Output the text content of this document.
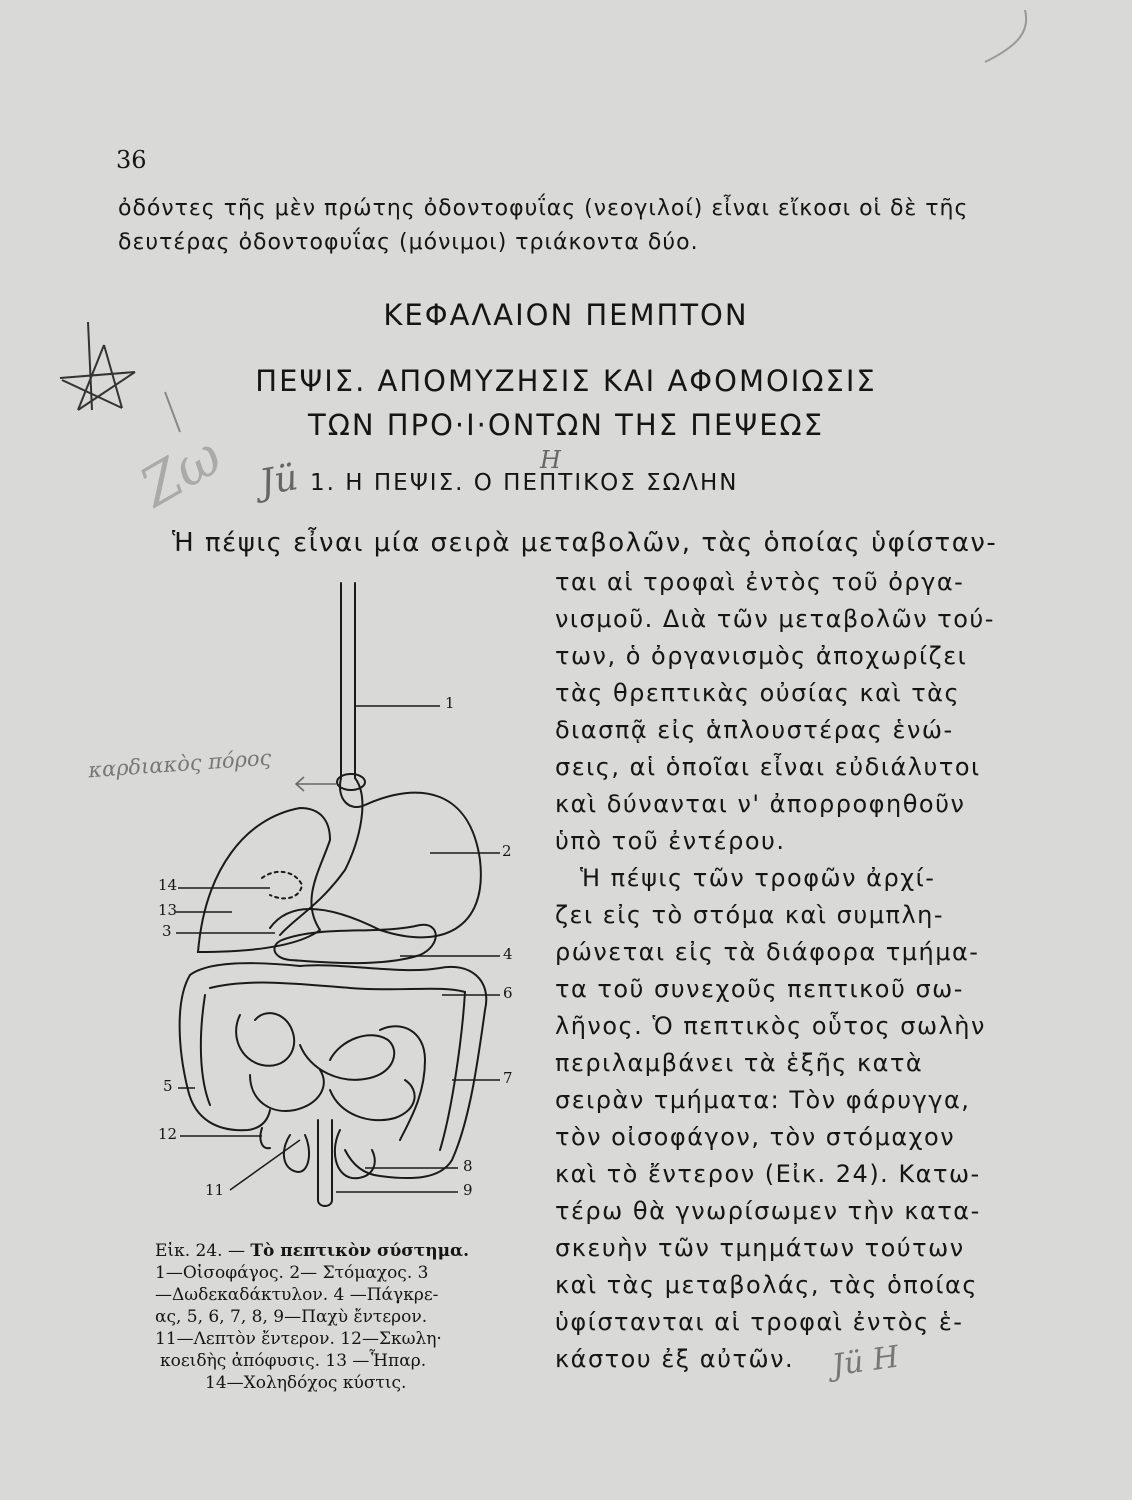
36
ὀδόντες τῆς μὲν πρώτης ὀδοντοφυΐας (νεογιλοί) εἶναι εἴκοσι οἱ δὲ τῆς
δευτέρας ὀδοντοφυΐας (μόνιμοι) τριάκοντα δύο.
ΚΕΦΑΛΑΙΟΝ ΠΕΜΠΤΟΝ
ΠΕΨΙΣ. ΑΠΟΜΥΖΗΣΙΣ ΚΑΙ ΑΦΟΜΟΙΩΣΙΣ
ΤΩΝ ΠΡΟ·Ι·ΟΝΤΩΝ ΤΗΣ ΠΕΨΕΩΣ
1. Η ΠΕΨΙΣ. Ο ΠΕΠΤΙΚΟΣ ΣΩΛΗΝ
Ἡ πέψις εἶναι μία σειρὰ μεταβολῶν, τὰς ὁποίας ὑφίσταν-
ται αἱ τροφαὶ ἐντὸς τοῦ ὀργα-
νισμοῦ. Διὰ τῶν μεταβολῶν τού-
των, ὁ ὀργανισμὸς ἀποχωρίζει
τὰς θρεπτικὰς οὐσίας καὶ τὰς
διασπᾷ εἰς ἁπλουστέρας ἑνώ-
σεις, αἱ ὁποῖαι εἶναι εὐδιάλυτοι
καὶ δύνανται ν' ἀπορροφηθοῦν
ὑπὸ τοῦ ἐντέρου.
Ἡ πέψις τῶν τροφῶν ἀρχί-
ζει εἰς τὸ στόμα καὶ συμπλη-
ρώνεται εἰς τὰ διάφορα τμήμα-
τα τοῦ συνεχοῦς πεπτικοῦ σω-
λῆνος. Ὁ πεπτικὸς οὗτος σωλὴν
περιλαμβάνει τὰ ἑξῆς κατὰ
σειρὰν τμήματα: Τὸν φάρυγγα,
τὸν οἰσοφάγον, τὸν στόμαχον
καὶ τὸ ἔντερον (Εἰκ. 24). Κατω-
τέρω θὰ γνωρίσωμεν τὴν κατα-
σκευὴν τῶν τμημάτων τούτων
καὶ τὰς μεταβολάς, τὰς ὁποίας
ὑφίστανται αἱ τροφαὶ ἐντὸς ἑ-
κάστου ἐξ αὐτῶν.
1
2
14
13
3
4
6
5	7
12
8
11	9
Εἰκ. 24. — Τὸ πεπτικὸν σύστημα.
1—Οἰσοφάγος. 2— Στόμαχος. 3
—Δωδεκαδάκτυλον. 4 —Πάγκρε-
ας, 5, 6, 7, 8, 9—Παχὺ ἔντερον.
11—Λεπτὸν ἔντερον. 12—Σκωλη·
κοειδὴς ἀπόφυσις. 13 —Ἧπαρ.
14—Χοληδόχος κύστις.
καρδιακὸς πόρος
Ζω Jü	H
Jü H
